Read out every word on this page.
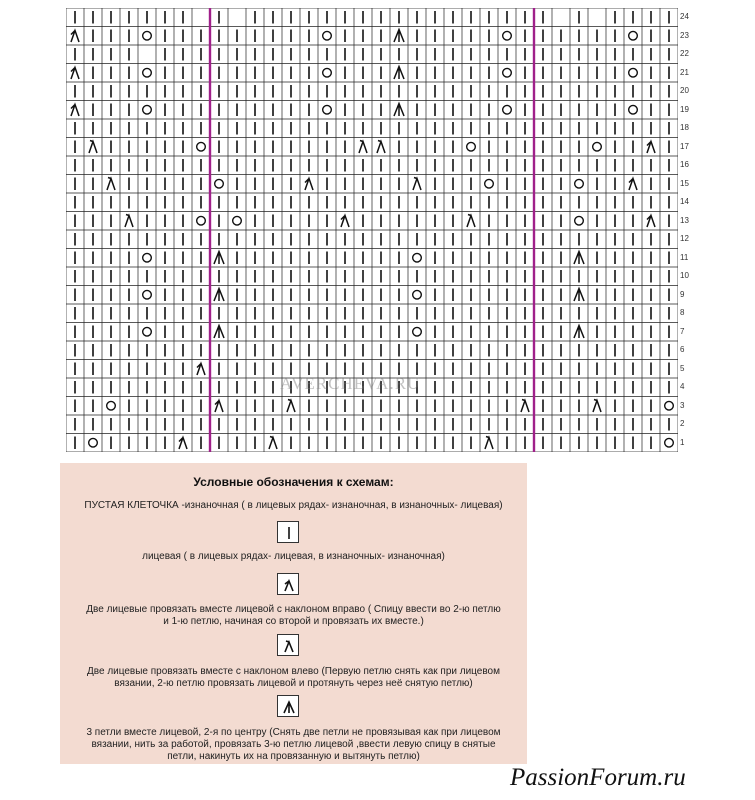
24
23
22
21
20
19
18
17
16
15
14
13
12
11
10
9
8
7
6
5
4
3
2
1
AVERCHEVA.RU
Условные обозначения к схемам:
ПУСТАЯ КЛЕТОЧКА -изнаночная ( в лицевых рядах- изнаночная, в изнаночных- лицевая)
лицевая ( в лицевых рядах- лицевая, в изнаночных- изнаночная)
Две лицевые провязать вместе лицевой с наклоном вправо ( Спицу ввести во 2-ю петлю
и 1-ю петлю, начиная со второй и провязать их вместе.)
Две лицевые провязать вместе с наклоном влево (Первую петлю снять как при лицевом
вязании, 2-ю петлю провязать лицевой и протянуть через неё снятую петлю)
3 петли вместе лицевой, 2-я по центру (Снять две петли не провязывая как при лицевом
вязании, нить за работой, провязать 3-ю петлю лицевой ,ввести левую спицу в снятые
петли, накинуть их на провязанную и вытянуть петлю)
PassionForum.ru
